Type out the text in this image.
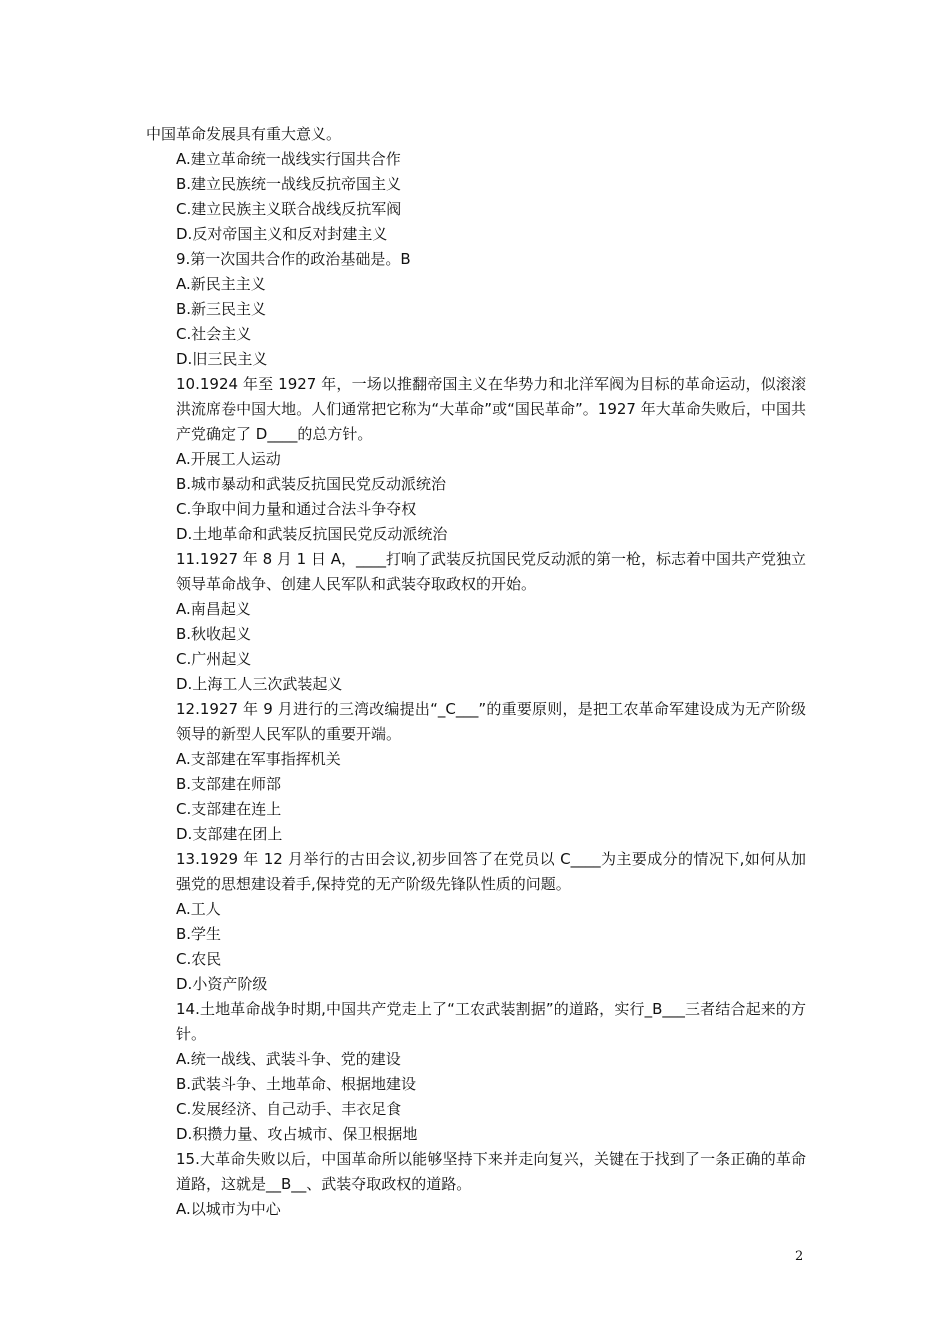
中国革命发展具有重大意义。
A.建立革命统一战线实行国共合作
B.建立民族统一战线反抗帝国主义
C.建立民族主义联合战线反抗军阀
D.反对帝国主义和反对封建主义
9.第一次国共合作的政治基础是。B
A.新民主主义
B.新三民主义
C.社会主义
D.旧三民主义
10.1924 年至 1927 年，一场以推翻帝国主义在华势力和北洋军阀为目标的革命运动，似滚滚洪流席卷中国大地。人们通常把它称为“大革命”或“国民革命”。1927 年大革命失败后，中国共产党确定了 D____的总方针。
A.开展工人运动
B.城市暴动和武装反抗国民党反动派统治
C.争取中间力量和通过合法斗争夺权
D.土地革命和武装反抗国民党反动派统治
11.1927 年 8 月 1 日 A，____打响了武装反抗国民党反动派的第一枪，标志着中国共产党独立领导革命战争、创建人民军队和武装夺取政权的开始。
A.南昌起义
B.秋收起义
C.广州起义
D.上海工人三次武装起义
12.1927 年 9 月进行的三湾改编提出“_C___”的重要原则，是把工农革命军建设成为无产阶级领导的新型人民军队的重要开端。
A.支部建在军事指挥机关
B.支部建在师部
C.支部建在连上
D.支部建在团上
13.1929 年 12 月举行的古田会议,初步回答了在党员以 C____为主要成分的情况下,如何从加强党的思想建设着手,保持党的无产阶级先锋队性质的问题。
A.工人
B.学生
C.农民
D.小资产阶级
14.土地革命战争时期,中国共产党走上了“工农武装割据”的道路，实行_B___三者结合起来的方针。
A.统一战线、武装斗争、党的建设
B.武装斗争、土地革命、根据地建设
C.发展经济、自己动手、丰衣足食
D.积攒力量、攻占城市、保卫根据地
15.大革命失败以后，中国革命所以能够坚持下来并走向复兴，关键在于找到了一条正确的革命道路，这就是__B__、武装夺取政权的道路。
A.以城市为中心
2
